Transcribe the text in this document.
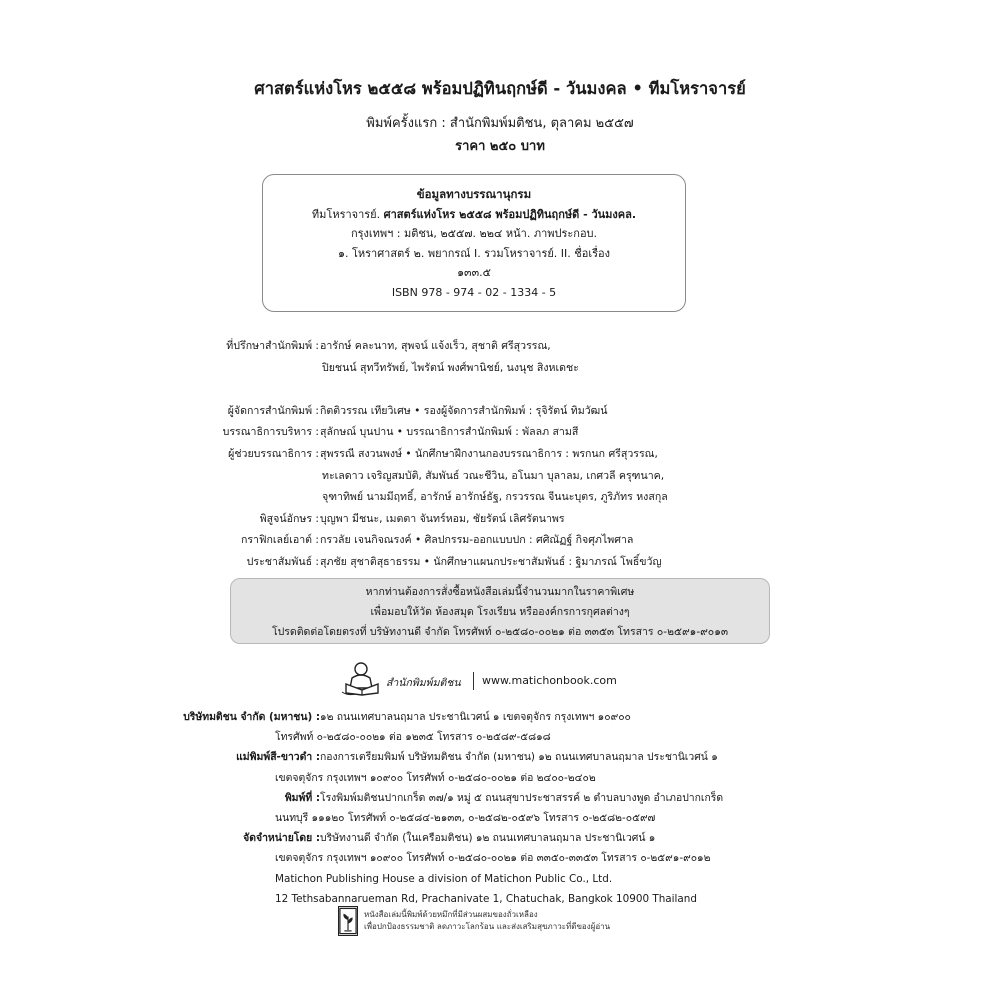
ศาสตร์แห่งโหร ๒๕๕๘ พร้อมปฏิทินฤกษ์ดี - วันมงคล • ทีมโหราจารย์
พิมพ์ครั้งแรก : สำนักพิมพ์มติชน, ตุลาคม ๒๕๕๗
ราคา ๒๕๐ บาท
ข้อมูลทางบรรณานุกรม
ทีมโหราจารย์. ศาสตร์แห่งโหร ๒๕๕๘ พร้อมปฏิทินฤกษ์ดี - วันมงคล.
กรุงเทพฯ : มติชน, ๒๕๕๗. ๒๒๔ หน้า. ภาพประกอบ.
๑. โหราศาสตร์ ๒. พยากรณ์ I. รวมโหราจารย์. II. ชื่อเรื่อง
๑๓๓.๕
ISBN 978 - 974 - 02 - 1334 - 5
ที่ปรึกษาสำนักพิมพ์ : อารักษ์ คละนาท, สุพจน์ แจ้งเร็ว, สุชาติ ศรีสุวรรณ,
ปิยชนน์ สุทวีทรัพย์, ไพรัตน์ พงศ์พานิชย์, นงนุช สิงหเดชะ
ผู้จัดการสำนักพิมพ์ : กิตติวรรณ เทียวิเศษ • รองผู้จัดการสำนักพิมพ์ : รุจิรัตน์ ทิมวัฒน์
บรรณาธิการบริหาร : สุลักษณ์ บุนปาน • บรรณาธิการสำนักพิมพ์ : พัลลภ สามสี
ผู้ช่วยบรรณาธิการ : สุพรรณี สงวนพงษ์ • นักศึกษาฝึกงานกองบรรณาธิการ : พรกนก ศรีสุวรรณ,
ทะเลดาว เจริญสมบัติ, สัมพันธ์ วณะชีวิน, อโนมา บุลาลม, เกศวลี ครุฑนาค,
จุฑาทิพย์ นามมีฤทธิ์, อารักษ์ อารักษ์ธัฐ, กรวรรณ จีนนะบุตร, ภูริภัทร หงสกุล
พิสูจน์อักษร : บุญพา มีชนะ, เมตตา จันทร์หอม, ชัยรัตน์ เลิศรัตนาพร
กราฟิกเลย์เอาต์ : กรวลัย เจนกิจณรงค์ • ศิลปกรรม-ออกแบบปก : ศศิณัฏฐ์ กิจศุภไพศาล
ประชาสัมพันธ์ : สุภชัย สุชาติสุธาธรรม • นักศึกษาแผนกประชาสัมพันธ์ : ฐิมาภรณ์ โพธิ์ขวัญ
หากท่านต้องการสั่งซื้อหนังสือเล่มนี้จำนวนมากในราคาพิเศษ
เพื่อมอบให้วัด ห้องสมุด โรงเรียน หรือองค์กรการกุศลต่างๆ
โปรดติดต่อโดยตรงที่ บริษัทงานดี จำกัด โทรศัพท์ ๐-๒๕๘๐-๐๐๒๑ ต่อ ๓๓๕๓ โทรสาร ๐-๒๕๙๑-๙๐๑๓
สำนักพิมพ์มติชน www.matichonbook.com
บริษัทมติชน จำกัด (มหาชน) : ๑๒ ถนนเทศบาลนฤมาล ประชานิเวศน์ ๑ เขตจตุจักร กรุงเทพฯ ๑๐๙๐๐
โทรศัพท์ ๐-๒๕๘๐-๐๐๒๑ ต่อ ๑๒๓๕ โทรสาร ๐-๒๕๘๙-๕๘๑๘
แม่พิมพ์สี-ขาวดำ : กองการเตรียมพิมพ์ บริษัทมติชน จำกัด (มหาชน) ๑๒ ถนนเทศบาลนฤมาล ประชานิเวศน์ ๑
เขตจตุจักร กรุงเทพฯ ๑๐๙๐๐ โทรศัพท์ ๐-๒๕๘๐-๐๐๒๑ ต่อ ๒๔๐๐-๒๔๐๒
พิมพ์ที่ : โรงพิมพ์มติชนปากเกร็ด ๓๗/๑ หมู่ ๕ ถนนสุขาประชาสรรค์ ๒ ตำบลบางพูด อำเภอปากเกร็ด
นนทบุรี ๑๑๑๒๐ โทรศัพท์ ๐-๒๕๘๔-๒๑๓๓, ๐-๒๕๘๒-๐๕๙๖ โทรสาร ๐-๒๕๘๒-๐๕๙๗
จัดจำหน่ายโดย : บริษัทงานดี จำกัด (ในเครือมติชน) ๑๒ ถนนเทศบาลนฤมาล ประชานิเวศน์ ๑
เขตจตุจักร กรุงเทพฯ ๑๐๙๐๐ โทรศัพท์ ๐-๒๕๘๐-๐๐๒๑ ต่อ ๓๓๕๐-๓๓๕๓ โทรสาร ๐-๒๕๙๑-๙๐๑๒
Matichon Publishing House a division of Matichon Public Co., Ltd.
12 Tethsabannarueman Rd, Prachanivate 1, Chatuchak, Bangkok 10900 Thailand
หนังสือเล่มนี้พิมพ์ด้วยหมึกที่มีส่วนผสมของถั่วเหลือง
เพื่อปกป้องธรรมชาติ ลดภาวะโลกร้อน และส่งเสริมสุขภาวะที่ดีของผู้อ่าน
